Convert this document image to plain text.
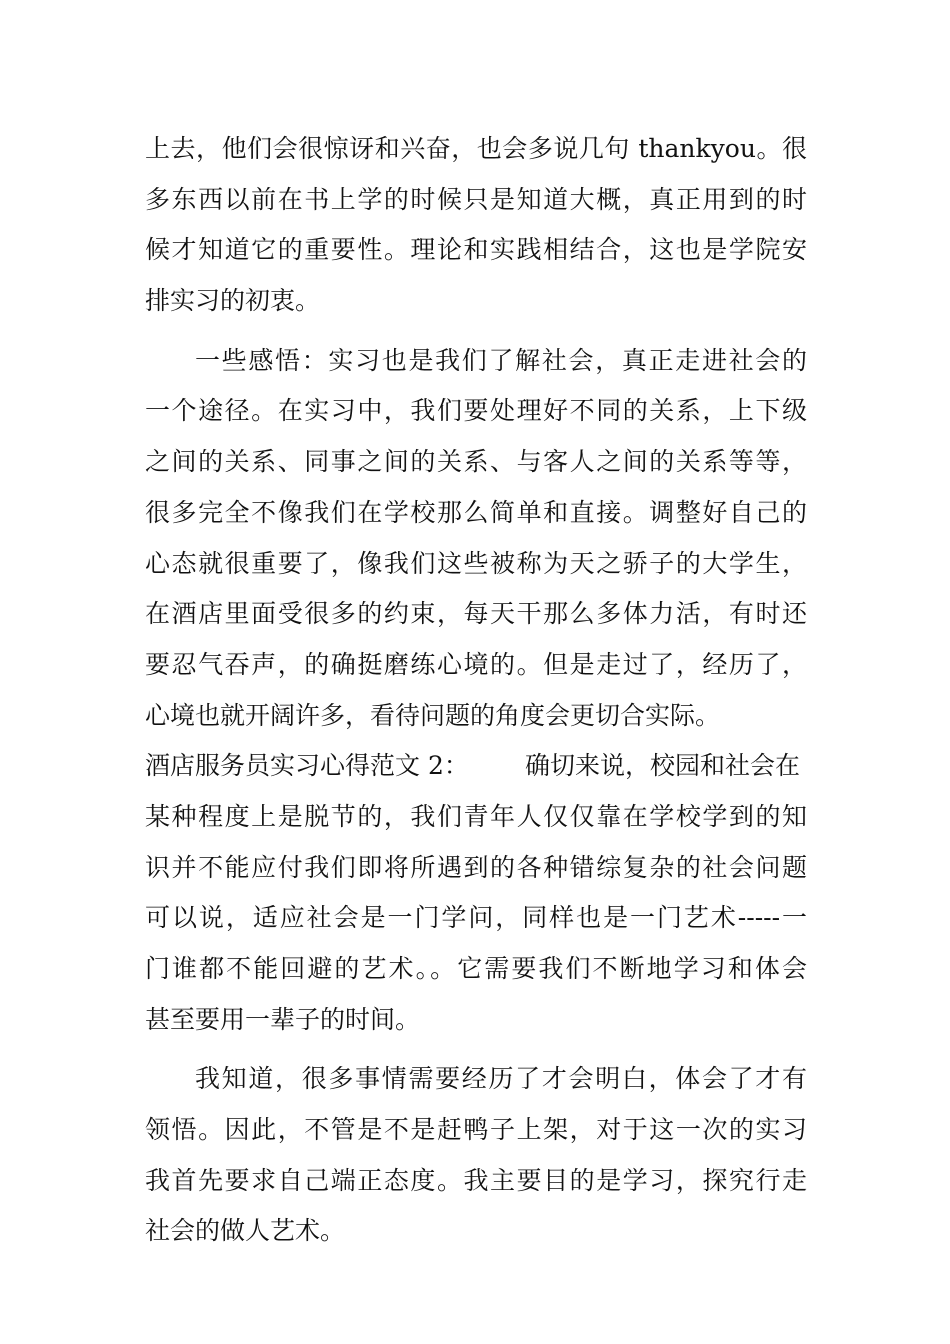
上去，他们会很惊讶和兴奋，也会多说几句 thankyou。很
多东西以前在书上学的时候只是知道大概，真正用到的时
候才知道它的重要性。理论和实践相结合，这也是学院安
排实习的初衷。
一些感悟：实习也是我们了解社会，真正走进社会的
一个途径。在实习中，我们要处理好不同的关系，上下级
之间的关系、同事之间的关系、与客人之间的关系等等，
很多完全不像我们在学校那么简单和直接。调整好自己的
心态就很重要了，像我们这些被称为天之骄子的大学生，
在酒店里面受很多的约束，每天干那么多体力活，有时还
要忍气吞声，的确挺磨练心境的。但是走过了，经历了，
心境也就开阔许多，看待问题的角度会更切合实际。
酒店服务员实习心得范文 2： 确切来说，校园和社会在
某种程度上是脱节的，我们青年人仅仅靠在学校学到的知
识并不能应付我们即将所遇到的各种错综复杂的社会问题
可以说，适应社会是一门学问，同样也是一门艺术-----一
门谁都不能回避的艺术。。它需要我们不断地学习和体会
甚至要用一辈子的时间。
我知道，很多事情需要经历了才会明白，体会了才有
领悟。因此，不管是不是赶鸭子上架，对于这一次的实习
我首先要求自己端正态度。我主要目的是学习，探究行走
社会的做人艺术。
